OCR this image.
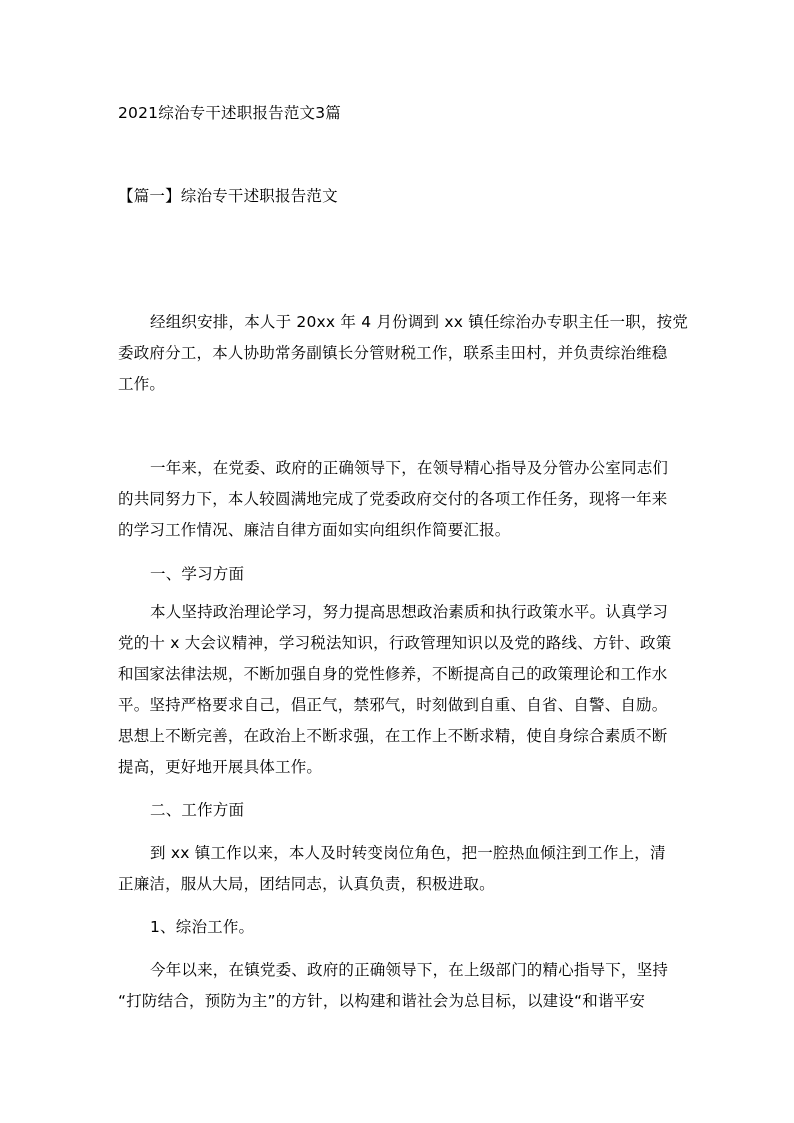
2021综治专干述职报告范文3篇
【篇一】综治专干述职报告范文
经组织安排，本人于 20xx 年 4 月份调到 xx 镇任综治办专职主任一职，按党
委政府分工，本人协助常务副镇长分管财税工作，联系圭田村，并负责综治维稳
工作。
一年来，在党委、政府的正确领导下，在领导精心指导及分管办公室同志们
的共同努力下，本人较圆满地完成了党委政府交付的各项工作任务，现将一年来
的学习工作情况、廉洁自律方面如实向组织作简要汇报。
一、学习方面
本人坚持政治理论学习，努力提高思想政治素质和执行政策水平。认真学习
党的十 x 大会议精神，学习税法知识，行政管理知识以及党的路线、方针、政策
和国家法律法规，不断加强自身的党性修养，不断提高自己的政策理论和工作水
平。坚持严格要求自己，倡正气，禁邪气，时刻做到自重、自省、自警、自励。
思想上不断完善，在政治上不断求强，在工作上不断求精，使自身综合素质不断
提高，更好地开展具体工作。
二、工作方面
到 xx 镇工作以来，本人及时转变岗位角色，把一腔热血倾注到工作上，清
正廉洁，服从大局，团结同志，认真负责，积极进取。
1、综治工作。
今年以来，在镇党委、政府的正确领导下，在上级部门的精心指导下，坚持
“打防结合，预防为主”的方针，以构建和谐社会为总目标，以建设“和谐平安
